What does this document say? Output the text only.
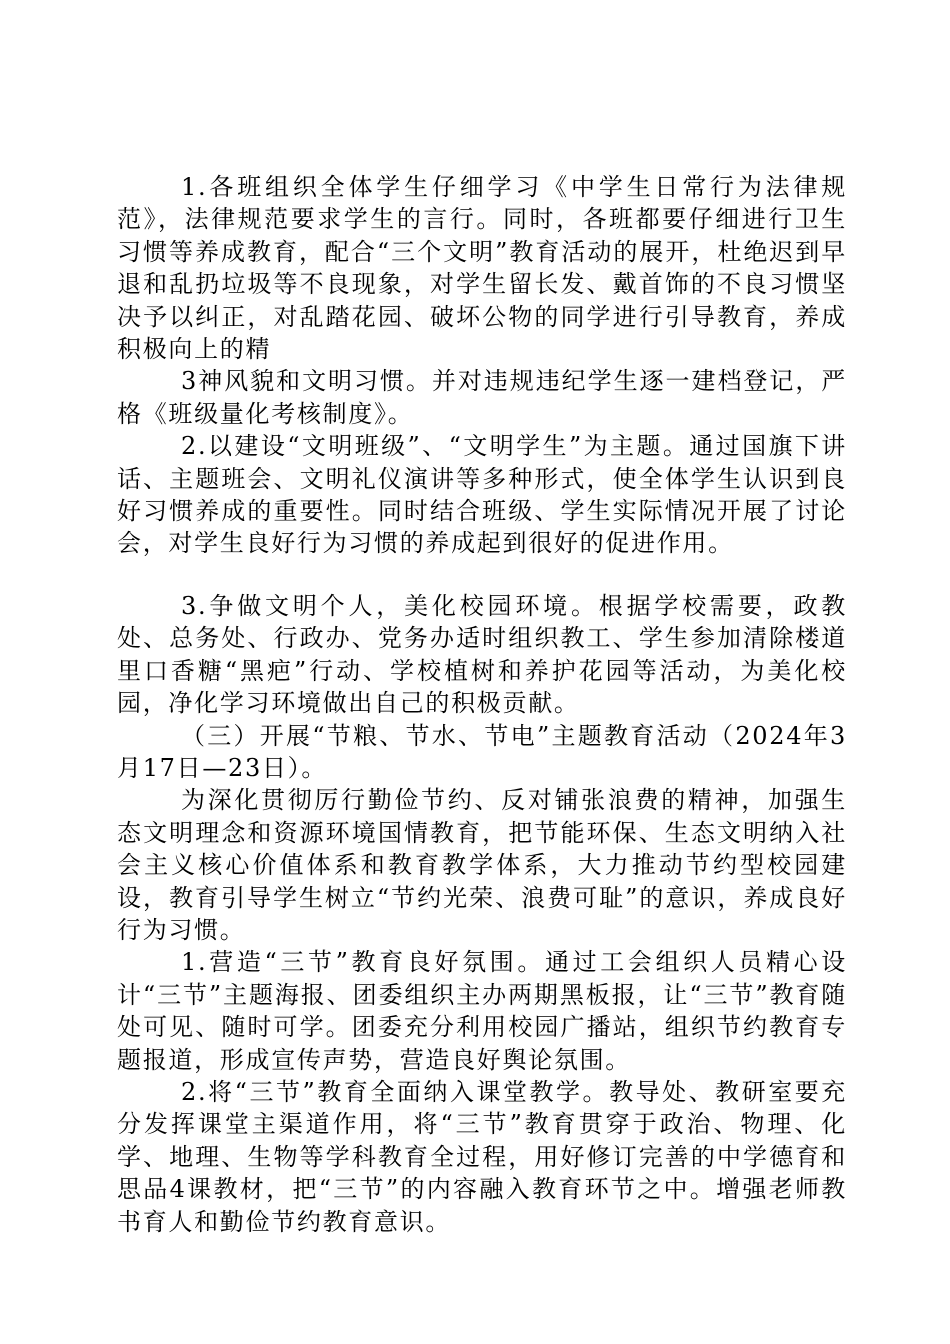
1.各班组织全体学生仔细学习《中学生日常行为法律规范》，法律规范要求学生的言行。同时，各班都要仔细进行卫生习惯等养成教育，配合“三个文明”教育活动的展开，杜绝迟到早退和乱扔垃圾等不良现象，对学生留长发、戴首饰的不良习惯坚决予以纠正，对乱踏花园、破坏公物的同学进行引导教育，养成积极向上的精

3神风貌和文明习惯。并对违规违纪学生逐一建档登记，严格《班级量化考核制度》。

2.以建设“文明班级”、“文明学生”为主题。通过国旗下讲话、主题班会、文明礼仪演讲等多种形式，使全体学生认识到良好习惯养成的重要性。同时结合班级、学生实际情况开展了讨论会，对学生良好行为习惯的养成起到很好的促进作用。

3.争做文明个人，美化校园环境。根据学校需要，政教处、总务处、行政办、党务办适时组织教工、学生参加清除楼道里口香糖“黑疤”行动、学校植树和养护花园等活动，为美化校园，净化学习环境做出自己的积极贡献。

（三）开展“节粮、节水、节电”主题教育活动（2024年3月17日—23日）。

为深化贯彻厉行勤俭节约、反对铺张浪费的精神，加强生态文明理念和资源环境国情教育，把节能环保、生态文明纳入社会主义核心价值体系和教育教学体系，大力推动节约型校园建设，教育引导学生树立“节约光荣、浪费可耻”的意识，养成良好行为习惯。

1.营造“三节”教育良好氛围。通过工会组织人员精心设计“三节”主题海报、团委组织主办两期黑板报，让“三节”教育随处可见、随时可学。团委充分利用校园广播站，组织节约教育专题报道，形成宣传声势，营造良好舆论氛围。

2.将“三节”教育全面纳入课堂教学。教导处、教研室要充分发挥课堂主渠道作用，将“三节”教育贯穿于政治、物理、化学、地理、生物等学科教育全过程，用好修订完善的中学德育和思品4课教材，把“三节”的内容融入教育环节之中。增强老师教书育人和勤俭节约教育意识。
